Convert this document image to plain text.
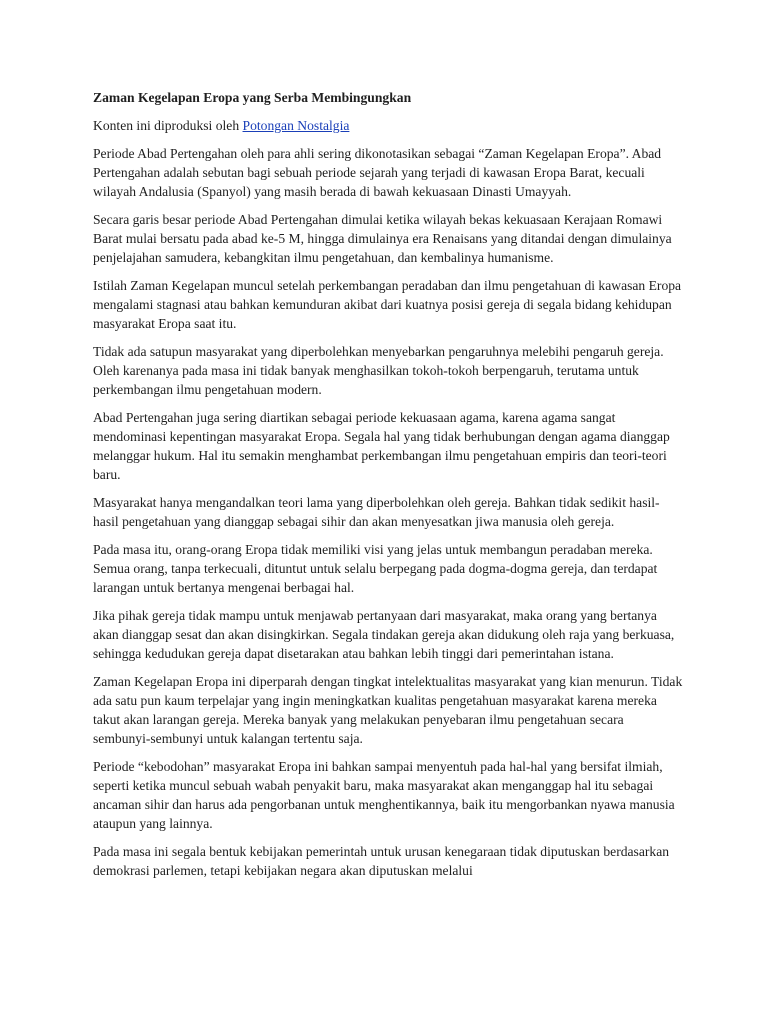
Zaman Kegelapan Eropa yang Serba Membingungkan

Konten ini diproduksi oleh Potongan Nostalgia

Periode Abad Pertengahan oleh para ahli sering dikonotasikan sebagai “Zaman Kegelapan Eropa”. Abad Pertengahan adalah sebutan bagi sebuah periode sejarah yang terjadi di kawasan Eropa Barat, kecuali wilayah Andalusia (Spanyol) yang masih berada di bawah kekuasaan Dinasti Umayyah.

Secara garis besar periode Abad Pertengahan dimulai ketika wilayah bekas kekuasaan Kerajaan Romawi Barat mulai bersatu pada abad ke-5 M, hingga dimulainya era Renaisans yang ditandai dengan dimulainya penjelajahan samudera, kebangkitan ilmu pengetahuan, dan kembalinya humanisme.

Istilah Zaman Kegelapan muncul setelah perkembangan peradaban dan ilmu pengetahuan di kawasan Eropa mengalami stagnasi atau bahkan kemunduran akibat dari kuatnya posisi gereja di segala bidang kehidupan masyarakat Eropa saat itu.

Tidak ada satupun masyarakat yang diperbolehkan menyebarkan pengaruhnya melebihi pengaruh gereja. Oleh karenanya pada masa ini tidak banyak menghasilkan tokoh-tokoh berpengaruh, terutama untuk perkembangan ilmu pengetahuan modern.

Abad Pertengahan juga sering diartikan sebagai periode kekuasaan agama, karena agama sangat mendominasi kepentingan masyarakat Eropa. Segala hal yang tidak berhubungan dengan agama dianggap melanggar hukum. Hal itu semakin menghambat perkembangan ilmu pengetahuan empiris dan teori-teori baru.

Masyarakat hanya mengandalkan teori lama yang diperbolehkan oleh gereja. Bahkan tidak sedikit hasil-hasil pengetahuan yang dianggap sebagai sihir dan akan menyesatkan jiwa manusia oleh gereja.

Pada masa itu, orang-orang Eropa tidak memiliki visi yang jelas untuk membangun peradaban mereka. Semua orang, tanpa terkecuali, dituntut untuk selalu berpegang pada dogma-dogma gereja, dan terdapat larangan untuk bertanya mengenai berbagai hal.

Jika pihak gereja tidak mampu untuk menjawab pertanyaan dari masyarakat, maka orang yang bertanya akan dianggap sesat dan akan disingkirkan. Segala tindakan gereja akan didukung oleh raja yang berkuasa, sehingga kedudukan gereja dapat disetarakan atau bahkan lebih tinggi dari pemerintahan istana.

Zaman Kegelapan Eropa ini diperparah dengan tingkat intelektualitas masyarakat yang kian menurun. Tidak ada satu pun kaum terpelajar yang ingin meningkatkan kualitas pengetahuan masyarakat karena mereka takut akan larangan gereja. Mereka banyak yang melakukan penyebaran ilmu pengetahuan secara sembunyi-sembunyi untuk kalangan tertentu saja.

Periode “kebodohan” masyarakat Eropa ini bahkan sampai menyentuh pada hal-hal yang bersifat ilmiah, seperti ketika muncul sebuah wabah penyakit baru, maka masyarakat akan menganggap hal itu sebagai ancaman sihir dan harus ada pengorbanan untuk menghentikannya, baik itu mengorbankan nyawa manusia ataupun yang lainnya.

Pada masa ini segala bentuk kebijakan pemerintah untuk urusan kenegaraan tidak diputuskan berdasarkan demokrasi parlemen, tetapi kebijakan negara akan diputuskan melalui
